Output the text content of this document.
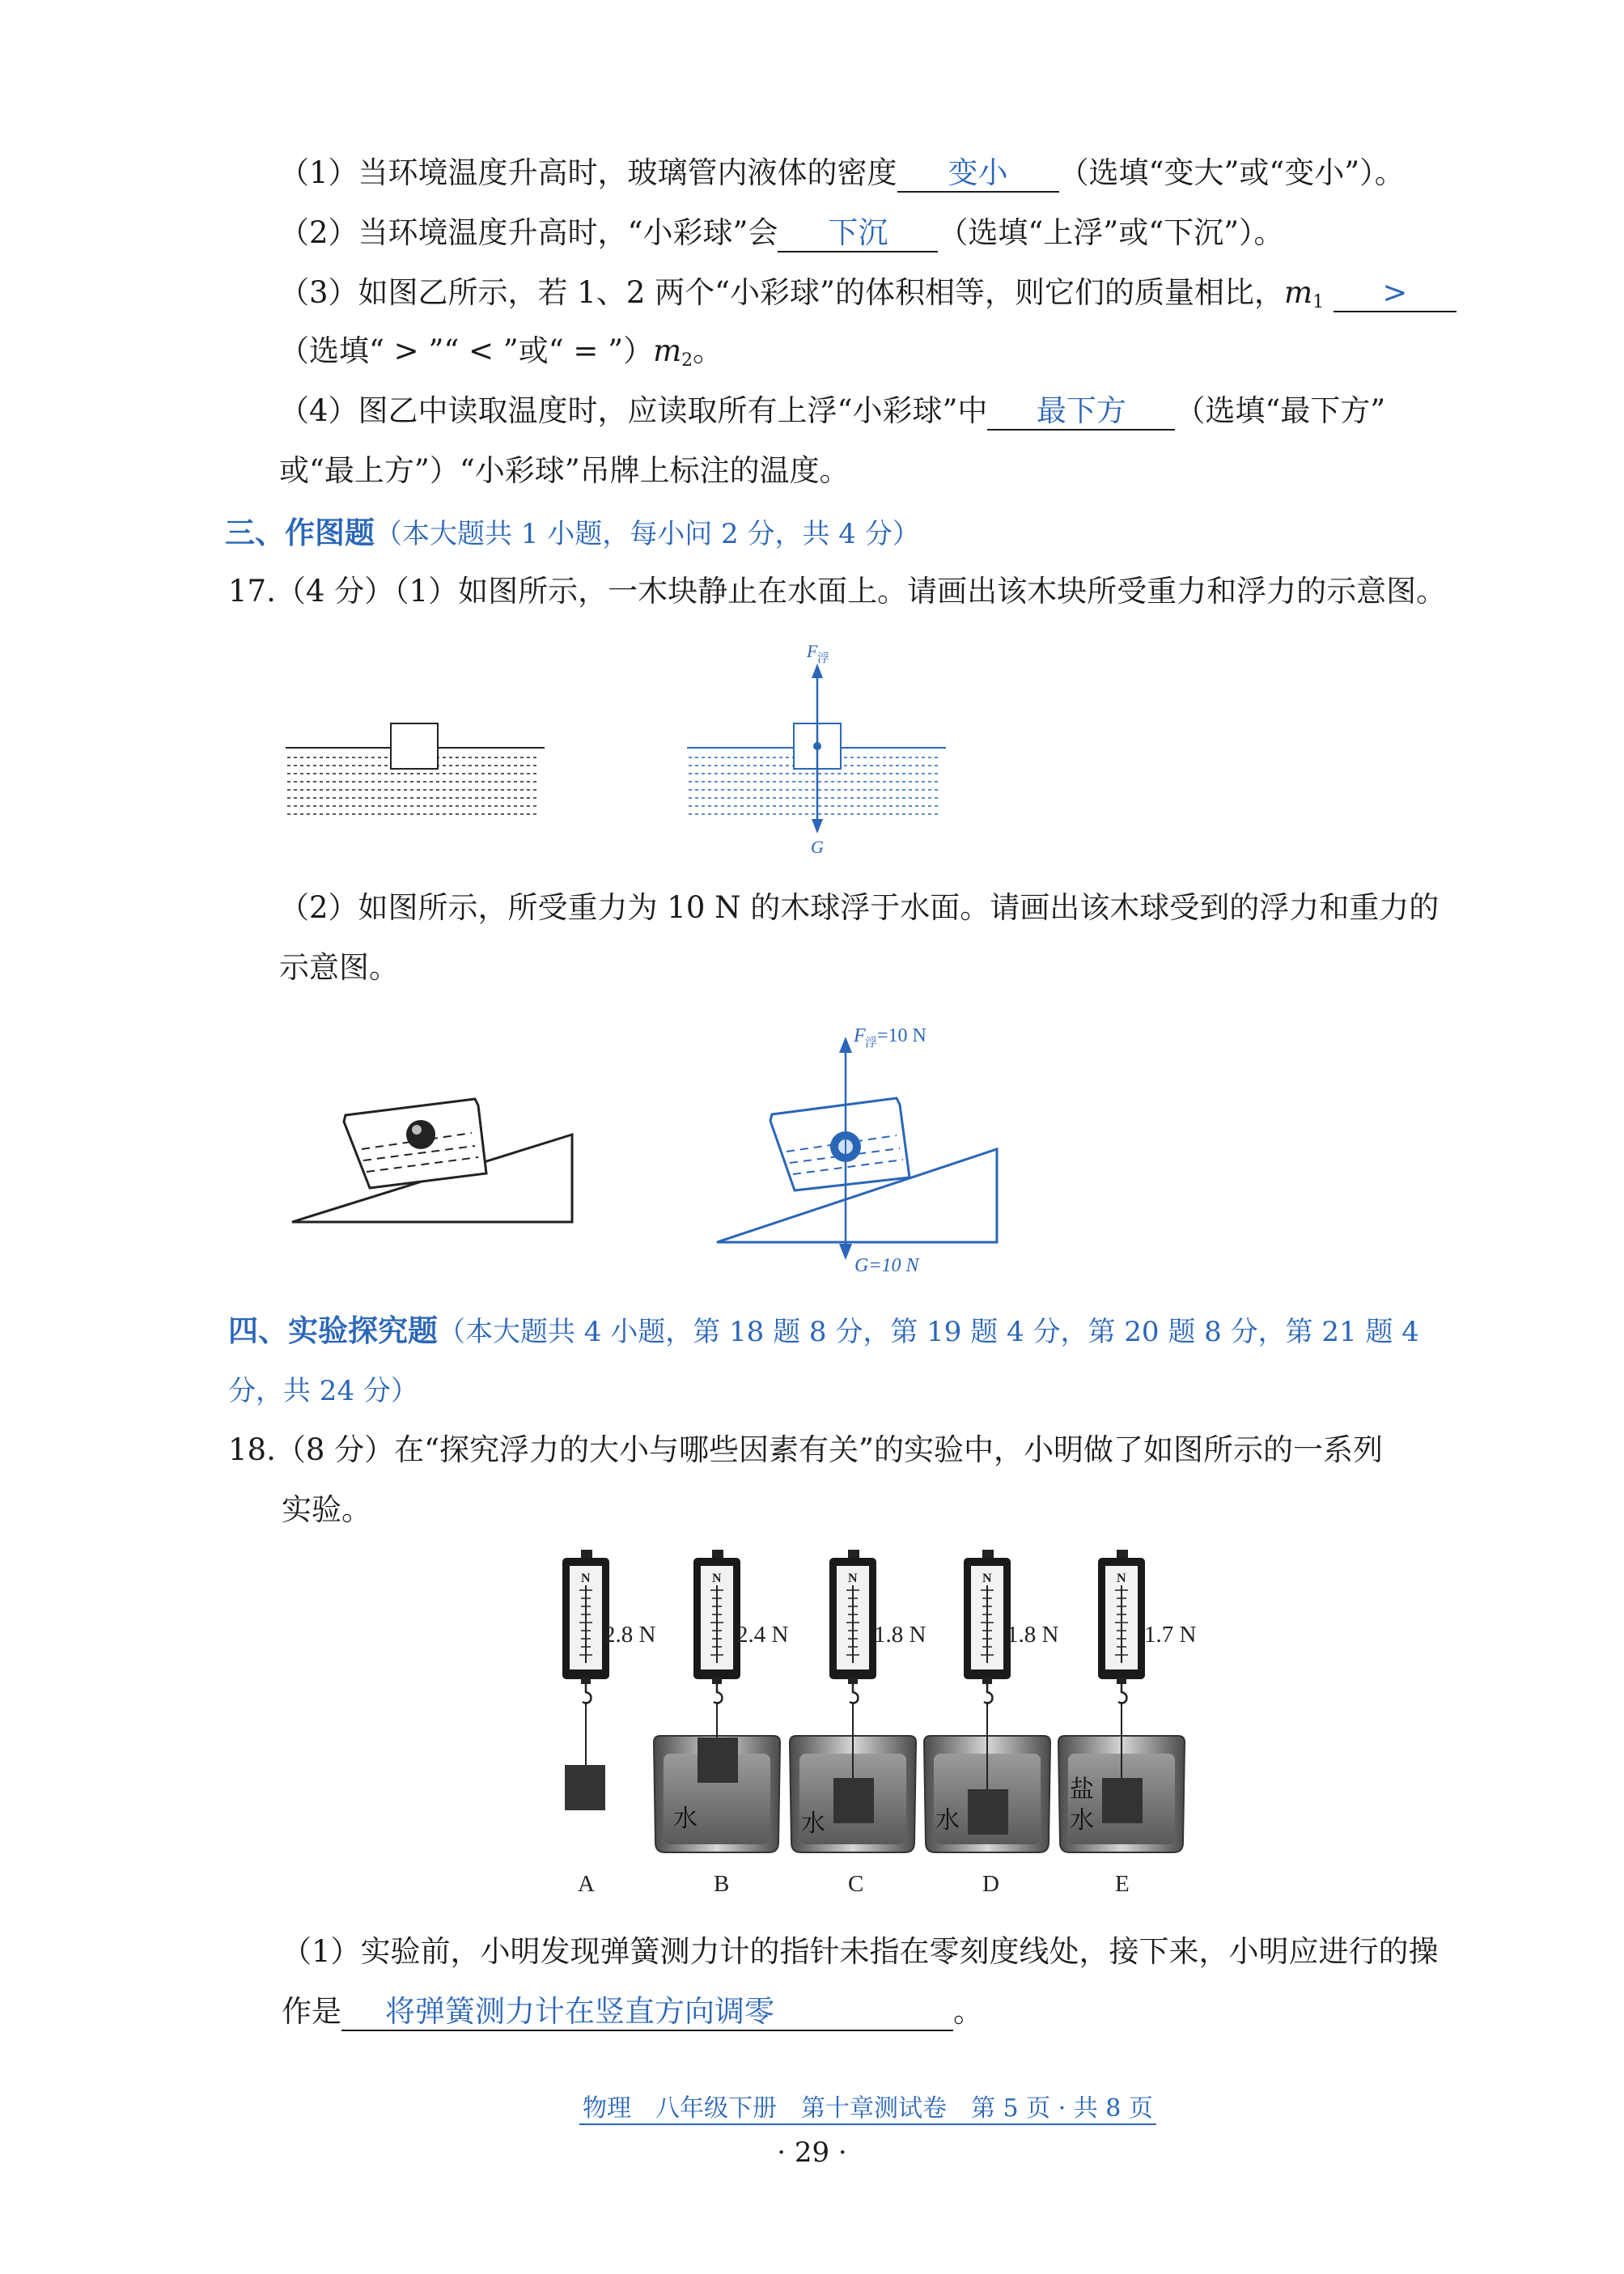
（1）当环境温度升高时，玻璃管内液体的密度 变小 （选填“变大”或“变小”）。
（2）当环境温度升高时，“小彩球”会 下沉 （选填“上浮”或“下沉”）。
（3）如图乙所示，若 1、2 两个“小彩球”的体积相等，则它们的质量相比，$m_1$ >
（选填“ > ”“ < ”或“ = $”)m_2$。
（4）图乙中读取温度时，应读取所有上浮“小彩球”中 最下方 （选填“最下方”
或“最上方”）“小彩球”吊牌上标注的温度。
三、作图题（本大题共 1 小题，每小问 2 分，共 4 分）
17.（4 分）（1）如图所示，一木块静止在水面上。请画出该木块所受重力和浮力的示意图。
F 浮
G
（2）如图所示，所受重力为 10 N 的木球浮于水面。请画出该木球受到的浮力和重力的
示意图。
F 浮 =10 N
G=10 N
四、实验探究题（本大题共 4 小题，第 18 题 8 分，第 19 题 4 分，第 20 题 8 分，第 21 题 4
分，共 24 分）
18.（8 分）在“探究浮力的大小与哪些因素有关”的实验中，小明做了如图所示的一系列
实验。
N
2.8 N
N
水
2.4 N
N
水
1.8 N
N
水
1.8 N
N
盐
水
1.7 N
A	B	C	D	E
（1）实验前，小明发现弹簧测力计的指针未指在零刻度线处，接下来，小明应进行的操
作是 将弹簧测力计在竖直方向调零	。
物理　八年级下册　第十章测试卷　第 5 页 · 共 8 页
· 29 ·
